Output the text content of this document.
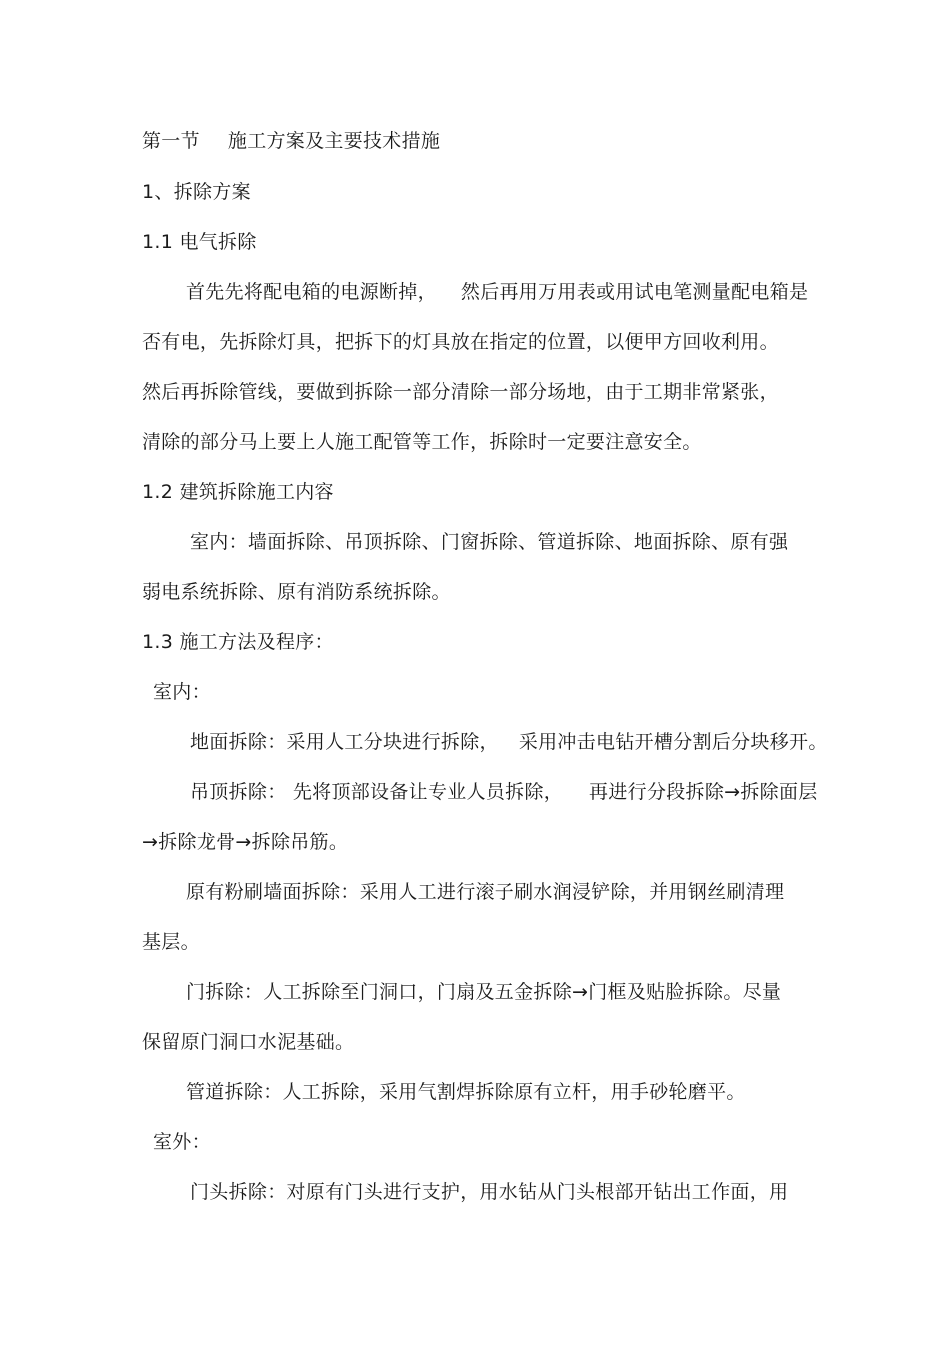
第一节 施工方案及主要技术措施
1、拆除方案
1.1 电气拆除
首先先将配电箱的电源断掉， 然后再用万用表或用试电笔测量配电箱是
否有电，先拆除灯具，把拆下的灯具放在指定的位置，以便甲方回收利用。
然后再拆除管线，要做到拆除一部分清除一部分场地，由于工期非常紧张，
清除的部分马上要上人施工配管等工作，拆除时一定要注意安全。
1.2 建筑拆除施工内容
室内：墙面拆除、吊顶拆除、门窗拆除、管道拆除、地面拆除、原有强
弱电系统拆除、原有消防系统拆除。
1.3 施工方法及程序：
室内：
地面拆除：采用人工分块进行拆除， 采用冲击电钻开槽分割后分块移开。
吊顶拆除： 先将顶部设备让专业人员拆除， 再进行分段拆除→拆除面层
→拆除龙骨→拆除吊筋。
原有粉刷墙面拆除：采用人工进行滚子刷水润浸铲除，并用钢丝刷清理
基层。
门拆除：人工拆除至门洞口，门扇及五金拆除→门框及贴脸拆除。尽量
保留原门洞口水泥基础。
管道拆除：人工拆除，采用气割焊拆除原有立杆，用手砂轮磨平。
室外：
门头拆除：对原有门头进行支护，用水钻从门头根部开钻出工作面，用
